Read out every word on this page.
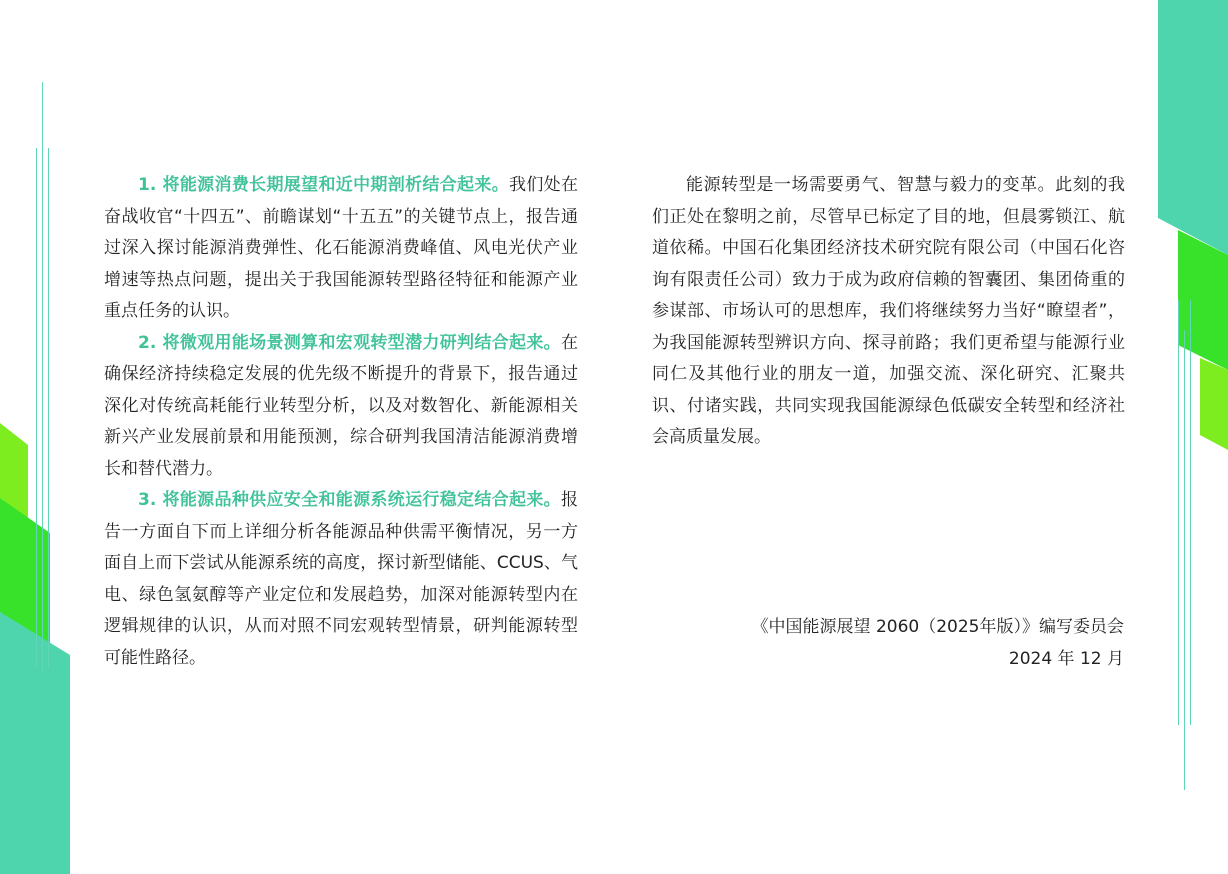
1. 将能源消费长期展望和近中期剖析结合起来。我们处在奋战收官“十四五”、前瞻谋划“十五五”的关键节点上，报告通过深入探讨能源消费弹性、化石能源消费峰值、风电光伏产业增速等热点问题，提出关于我国能源转型路径特征和能源产业重点任务的认识。

2. 将微观用能场景测算和宏观转型潜力研判结合起来。在确保经济持续稳定发展的优先级不断提升的背景下，报告通过深化对传统高耗能行业转型分析，以及对数智化、新能源相关新兴产业发展前景和用能预测，综合研判我国清洁能源消费增长和替代潜力。

3. 将能源品种供应安全和能源系统运行稳定结合起来。报告一方面自下而上详细分析各能源品种供需平衡情况，另一方面自上而下尝试从能源系统的高度，探讨新型储能、CCUS、气电、绿色氢氨醇等产业定位和发展趋势，加深对能源转型内在逻辑规律的认识，从而对照不同宏观转型情景，研判能源转型可能性路径。

能源转型是一场需要勇气、智慧与毅力的变革。此刻的我们正处在黎明之前，尽管早已标定了目的地，但晨雾锁江、航道依稀。中国石化集团经济技术研究院有限公司（中国石化咨询有限责任公司）致力于成为政府信赖的智囊团、集团倚重的参谋部、市场认可的思想库，我们将继续努力当好“瞭望者”，为我国能源转型辨识方向、探寻前路；我们更希望与能源行业同仁及其他行业的朋友一道，加强交流、深化研究、汇聚共识、付诸实践，共同实现我国能源绿色低碳安全转型和经济社会高质量发展。

《中国能源展望 2060（2025年版）》编写委员会
2024 年 12 月
